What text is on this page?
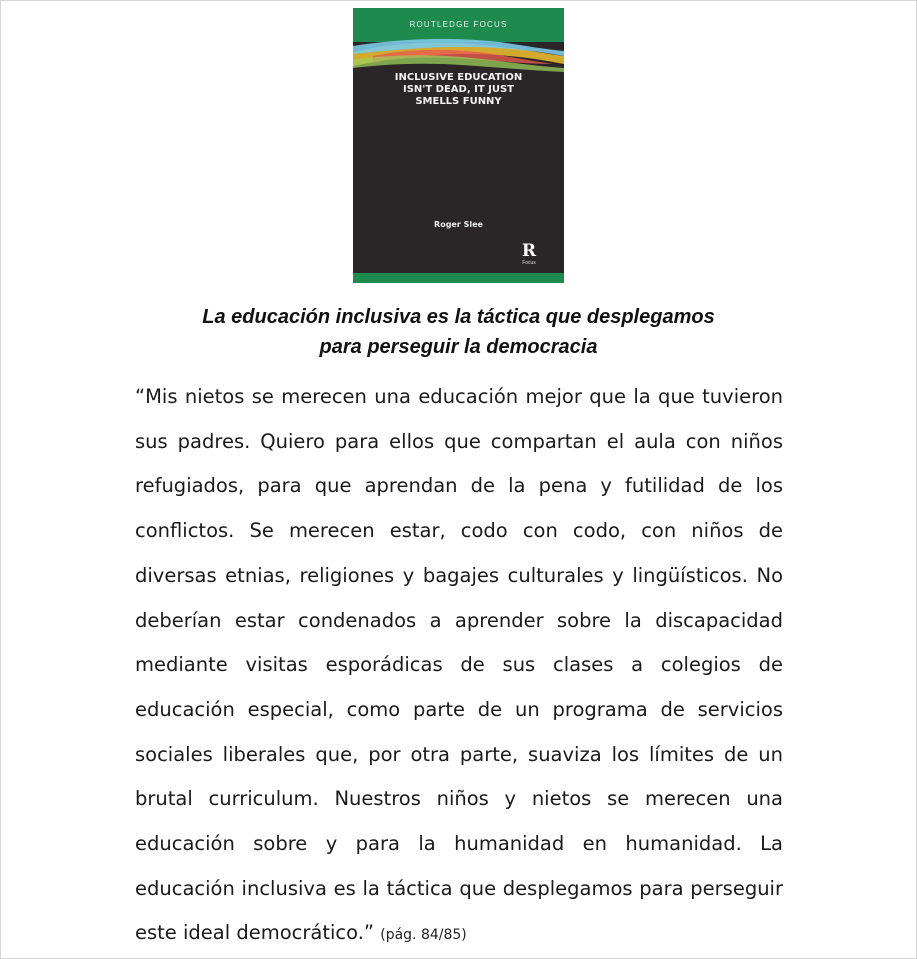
ROUTLEDGE FOCUS
INCLUSIVE EDUCATION
ISN'T DEAD, IT JUST
SMELLS FUNNY
Roger Slee
R
Focus
La educación inclusiva es la táctica que desplegamos
para perseguir la democracia

“Mis nietos se merecen una educación mejor que la que tuvieron sus padres. Quiero para ellos que compartan el aula con niños refugiados, para que aprendan de la pena y futilidad de los conflictos. Se merecen estar, codo con codo, con niños de diversas etnias, religiones y bagajes culturales y lingüísticos. No deberían estar condenados a aprender sobre la discapacidad mediante visitas esporádicas de sus clases a colegios de educación especial, como parte de un programa de servicios sociales liberales que, por otra parte, suaviza los límites de un brutal curriculum. Nuestros niños y nietos se merecen una educación sobre y para la humanidad en humanidad. La educación inclusiva es la táctica que desplegamos para perseguir este ideal democrático.” (pág. 84/85)
